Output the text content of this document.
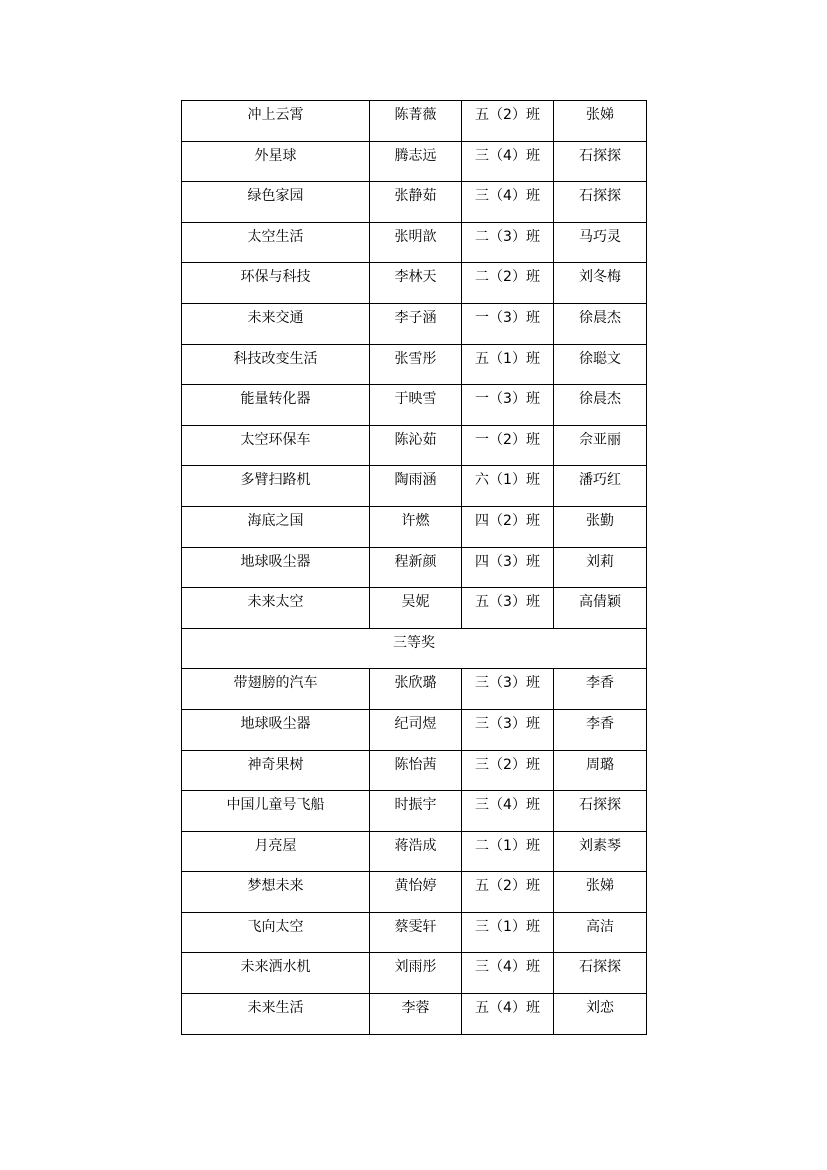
冲上云霄	陈菁薇	五（2）班	张娣

外星球	腾志远	三（4）班	石探探

绿色家园	张静茹	三（4）班	石探探

太空生活	张明歆	二（3）班	马巧灵

环保与科技	李林天	二（2）班	刘冬梅

未来交通	李子涵	一（3）班	徐晨杰

科技改变生活	张雪彤	五（1）班	徐聪文

能量转化器	于映雪	一（3）班	徐晨杰

太空环保车	陈沁茹	一（2）班	佘亚丽

多臂扫路机	陶雨涵	六（1）班	潘巧红

海底之国	许燃	四（2）班	张勤

地球吸尘器	程新颜	四（3）班	刘莉

未来太空	吴妮	五（3）班	高倩颖

三等奖			

带翅膀的汽车	张欣璐	三（3）班	李香

地球吸尘器	纪司煜	三（3）班	李香

神奇果树	陈怡茜	三（2）班	周璐

中国儿童号飞船	时振宇	三（4）班	石探探

月亮屋	蒋浩成	二（1）班	刘素琴

梦想未来	黄怡婷	五（2）班	张娣

飞向太空	蔡雯轩	三（1）班	高洁

未来洒水机	刘雨彤	三（4）班	石探探

未来生活	李蓉	五（4）班	刘恋
